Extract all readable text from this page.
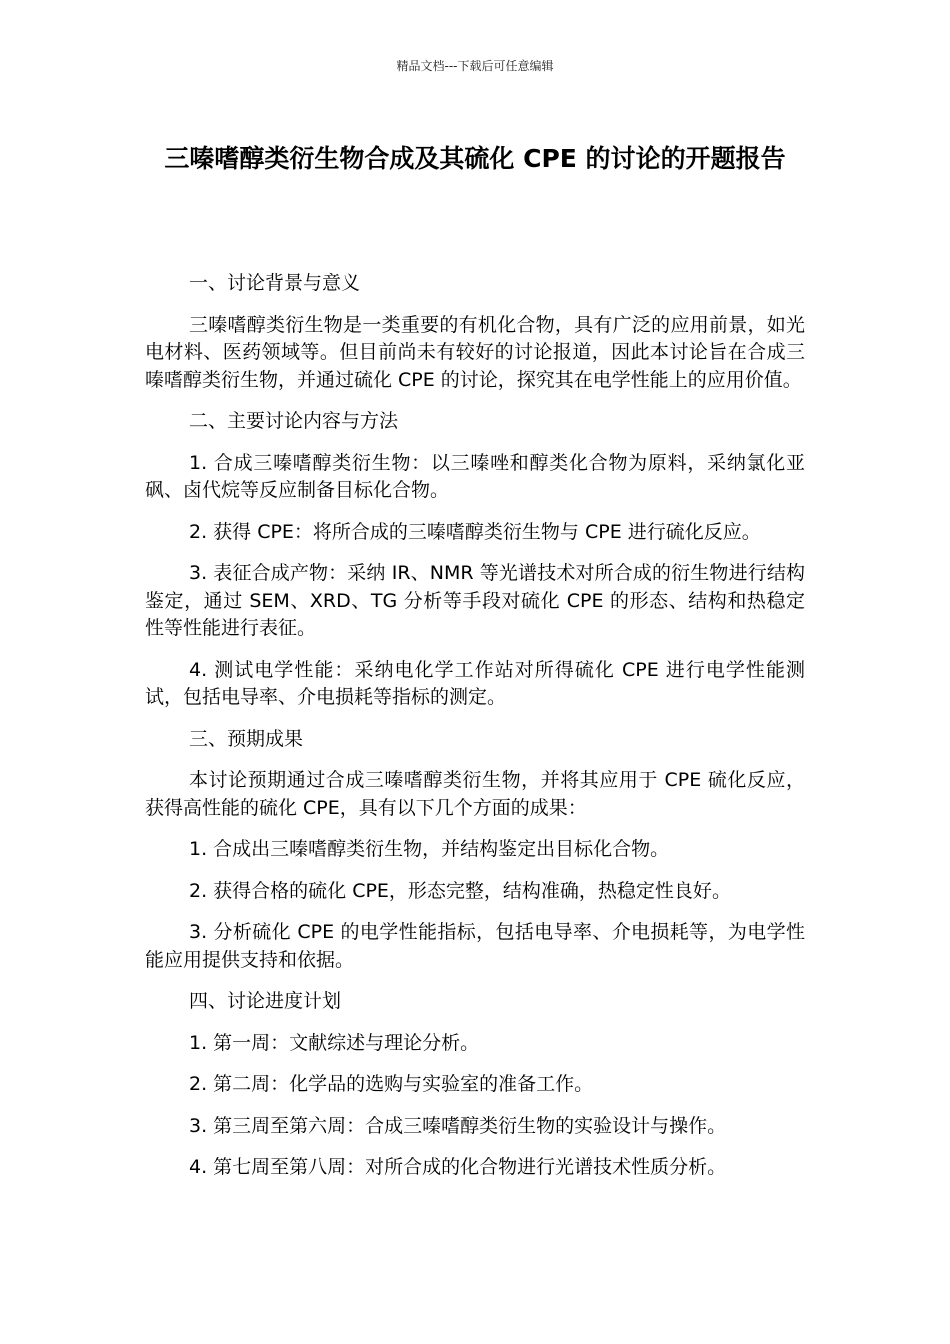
精品文档---下载后可任意编辑
三嗪嗜醇类衍生物合成及其硫化 CPE 的讨论的开题报告

一、讨论背景与意义

三嗪嗜醇类衍生物是一类重要的有机化合物，具有广泛的应用前景，如光电材料、医药领域等。但目前尚未有较好的讨论报道，因此本讨论旨在合成三嗪嗜醇类衍生物，并通过硫化 CPE 的讨论，探究其在电学性能上的应用价值。

二、主要讨论内容与方法

1. 合成三嗪嗜醇类衍生物：以三嗪唑和醇类化合物为原料，采纳氯化亚砜、卤代烷等反应制备目标化合物。

2. 获得 CPE：将所合成的三嗪嗜醇类衍生物与 CPE 进行硫化反应。

3. 表征合成产物：采纳 IR、NMR 等光谱技术对所合成的衍生物进行结构鉴定，通过 SEM、XRD、TG 分析等手段对硫化 CPE 的形态、结构和热稳定性等性能进行表征。

4. 测试电学性能：采纳电化学工作站对所得硫化 CPE 进行电学性能测试，包括电导率、介电损耗等指标的测定。

三、预期成果

本讨论预期通过合成三嗪嗜醇类衍生物，并将其应用于 CPE 硫化反应，获得高性能的硫化 CPE，具有以下几个方面的成果：

1. 合成出三嗪嗜醇类衍生物，并结构鉴定出目标化合物。

2. 获得合格的硫化 CPE，形态完整，结构准确，热稳定性良好。

3. 分析硫化 CPE 的电学性能指标，包括电导率、介电损耗等，为电学性能应用提供支持和依据。

四、讨论进度计划

1. 第一周：文献综述与理论分析。

2. 第二周：化学品的选购与实验室的准备工作。

3. 第三周至第六周：合成三嗪嗜醇类衍生物的实验设计与操作。

4. 第七周至第八周：对所合成的化合物进行光谱技术性质分析。
